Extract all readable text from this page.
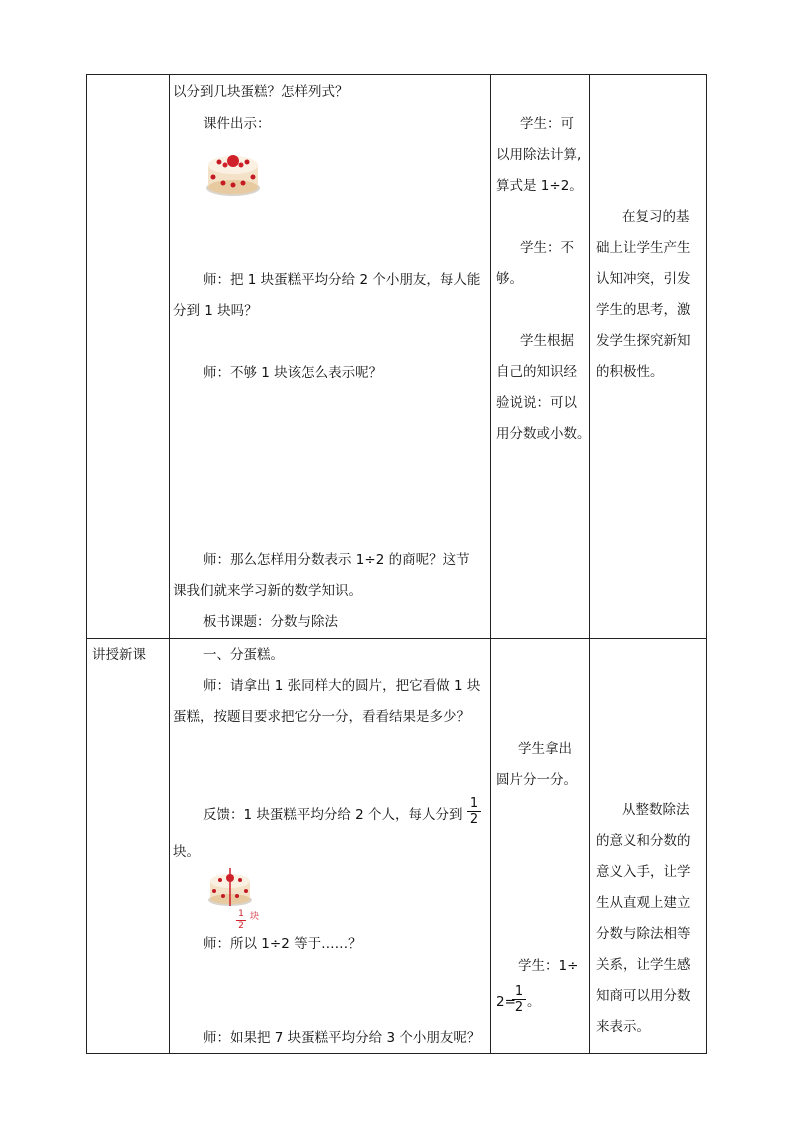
以分到几块蛋糕？怎样列式？
课件出示：
师：把 1 块蛋糕平均分给 2 个小朋友，每人能
分到 1 块吗？
师：不够 1 块该怎么表示呢？
师：那么怎样用分数表示 1÷2 的商呢？这节
课我们就来学习新的数学知识。
板书课题：分数与除法
学生：可
以用除法计算,
算式是 1÷2。
学生：不
够。
学生根据
自己的知识经
验说说：可以
用分数或小数。
在复习的基
础上让学生产生
认知冲突，引发
学生的思考，激
发学生探究新知
的积极性。
讲授新课	一、分蛋糕。
师：请拿出 1 张同样大的圆片，把它看做 1 块
蛋糕，按题目要求把它分一分，看看结果是多少？
反馈：1 块蛋糕平均分给 2 个人，每人分到
1
2
块。
1
2
块
师：所以 1÷2 等于……？
师：如果把 7 块蛋糕平均分给 3 个小朋友呢？
学生拿出
圆片分一分。
学生：1÷
2=
1
2 。
从整数除法
的意义和分数的
意义入手，让学
生从直观上建立
分数与除法相等
关系，让学生感
知商可以用分数
来表示。
